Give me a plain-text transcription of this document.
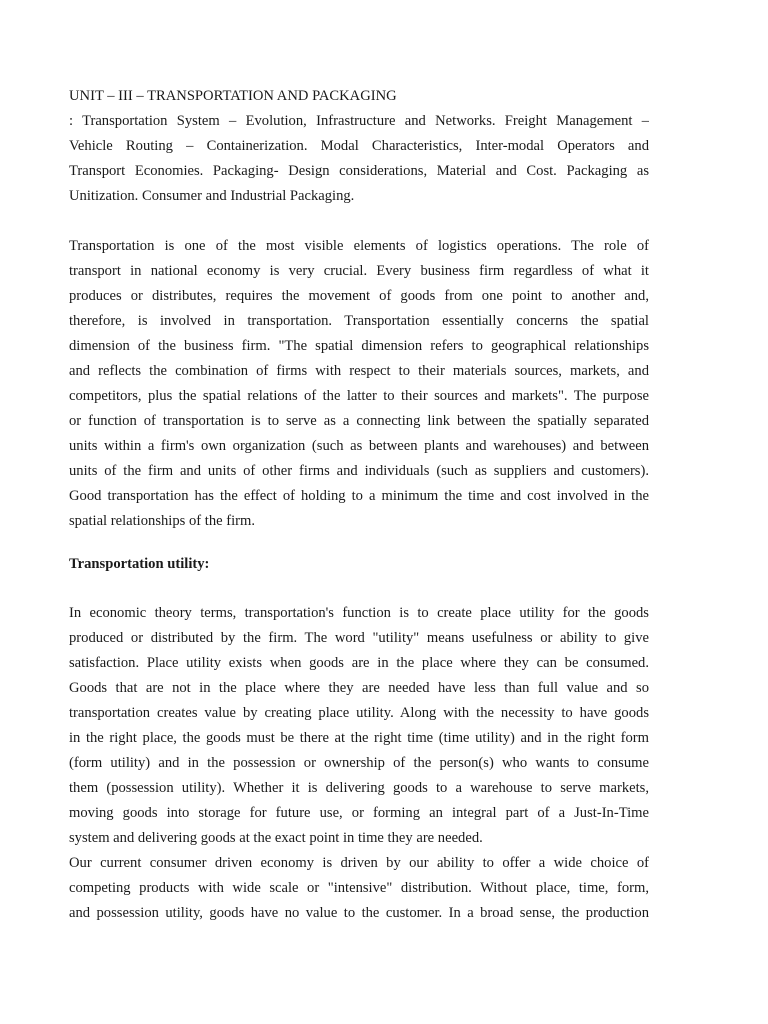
UNIT – III – TRANSPORTATION AND PACKAGING
: Transportation System – Evolution, Infrastructure and Networks. Freight Management –
Vehicle Routing – Containerization. Modal Characteristics, Inter-modal Operators and
Transport Economies. Packaging- Design considerations, Material and Cost. Packaging as
Unitization. Consumer and Industrial Packaging.
Transportation is one of the most visible elements of logistics operations. The role of
transport in national economy is very crucial. Every business firm regardless of what it
produces or distributes, requires the movement of goods from one point to another and,
therefore, is involved in transportation. Transportation essentially concerns the spatial
dimension of the business firm. "The spatial dimension refers to geographical relationships
and reflects the combination of firms with respect to their materials sources, markets, and
competitors, plus the spatial relations of the latter to their sources and markets". The purpose
or function of transportation is to serve as a connecting link between the spatially separated
units within a firm's own organization (such as between plants and warehouses) and between
units of the firm and units of other firms and individuals (such as suppliers and customers).
Good transportation has the effect of holding to a minimum the time and cost involved in the
spatial relationships of the firm.
Transportation utility:
In economic theory terms, transportation's function is to create place utility for the goods
produced or distributed by the firm. The word "utility" means usefulness or ability to give
satisfaction. Place utility exists when goods are in the place where they can be consumed.
Goods that are not in the place where they are needed have less than full value and so
transportation creates value by creating place utility. Along with the necessity to have goods
in the right place, the goods must be there at the right time (time utility) and in the right form
(form utility) and in the possession or ownership of the person(s) who wants to consume
them (possession utility). Whether it is delivering goods to a warehouse to serve markets,
moving goods into storage for future use, or forming an integral part of a Just-In-Time
system and delivering goods at the exact point in time they are needed.
Our current consumer driven economy is driven by our ability to offer a wide choice of
competing products with wide scale or "intensive" distribution. Without place, time, form,
and possession utility, goods have no value to the customer. In a broad sense, the production
